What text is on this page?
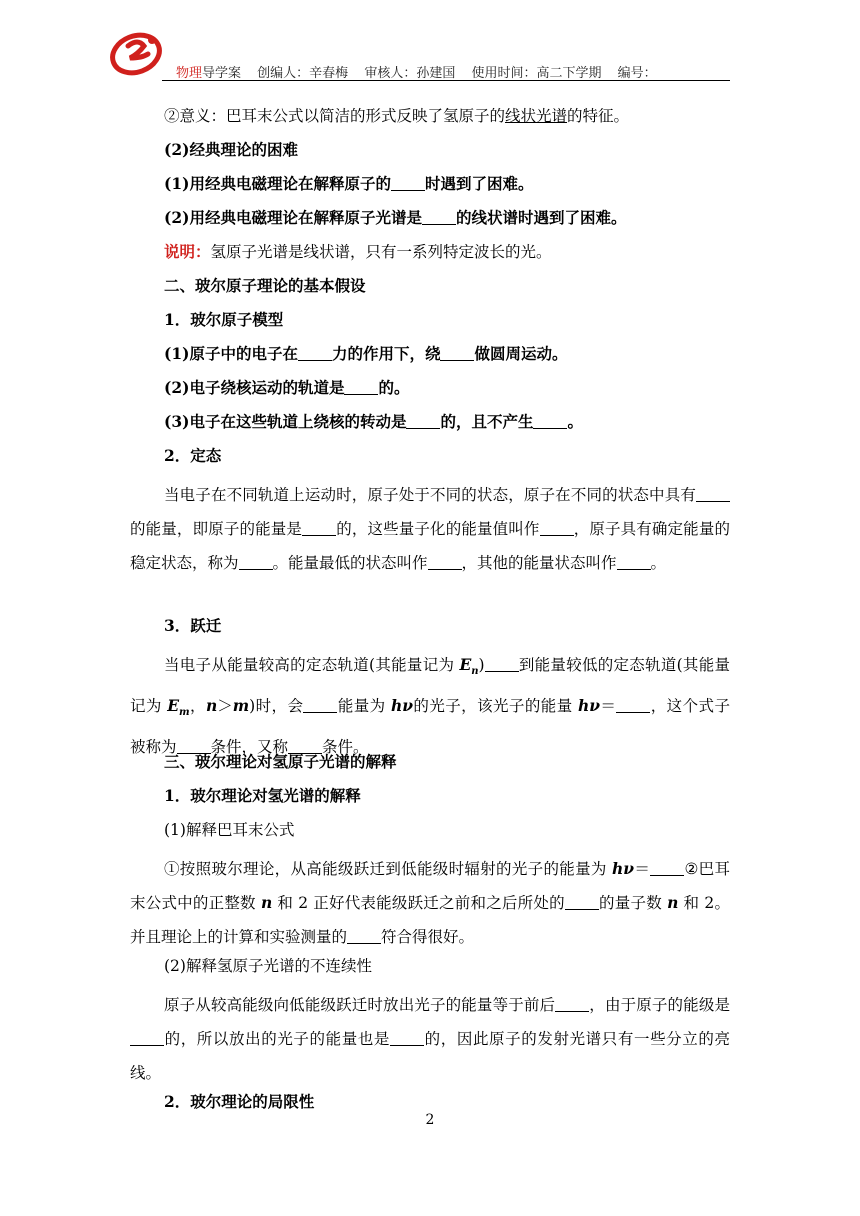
物理导学案 创编人：辛春梅 审核人：孙建国 使用时间：高二下学期 编号：
②意义：巴耳末公式以简洁的形式反映了氢原子的线状光谱的特征。
(2)经典理论的困难
(1)用经典电磁理论在解释原子的 时遇到了困难。
(2)用经典电磁理论在解释原子光谱是 的线状谱时遇到了困难。
说明：氢原子光谱是线状谱，只有一系列特定波长的光。
二、玻尔原子理论的基本假设
1．玻尔原子模型
(1)原子中的电子在 力的作用下，绕 做圆周运动。
(2)电子绕核运动的轨道是 的。
(3)电子在这些轨道上绕核的转动是 的，且不产生 。
2．定态
当电子在不同轨道上运动时，原子处于不同的状态，原子在不同的状态中具有的能量，即原子的能量是 的，这些量子化的能量值叫作 ，原子具有确定能量的稳定状态，称为 。能量最低的状态叫作 ，其他的能量状态叫作 。
3．跃迁
当电子从能量较高的定态轨道(其能量记为 $E_n$) 到能量较低的定态轨道(其能量记为 $E_m$，n＞m)时，会 能量为 hν的光子，该光子的能量 hν＝ ，这个式子被称为 条件，又称 条件。
三、玻尔理论对氢原子光谱的解释
1．玻尔理论对氢光谱的解释
(1)解释巴耳末公式
①按照玻尔理论，从高能级跃迁到低能级时辐射的光子的能量为 hν＝ ②巴耳末公式中的正整数 n 和 2 正好代表能级跃迁之前和之后所处的 的量子数 n 和 2。并且理论上的计算和实验测量的 符合得很好。
(2)解释氢原子光谱的不连续性
原子从较高能级向低能级跃迁时放出光子的能量等于前后 ，由于原子的能级是的，所以放出的光子的能量也是 的，因此原子的发射光谱只有一些分立的亮线。
2．玻尔理论的局限性
2
